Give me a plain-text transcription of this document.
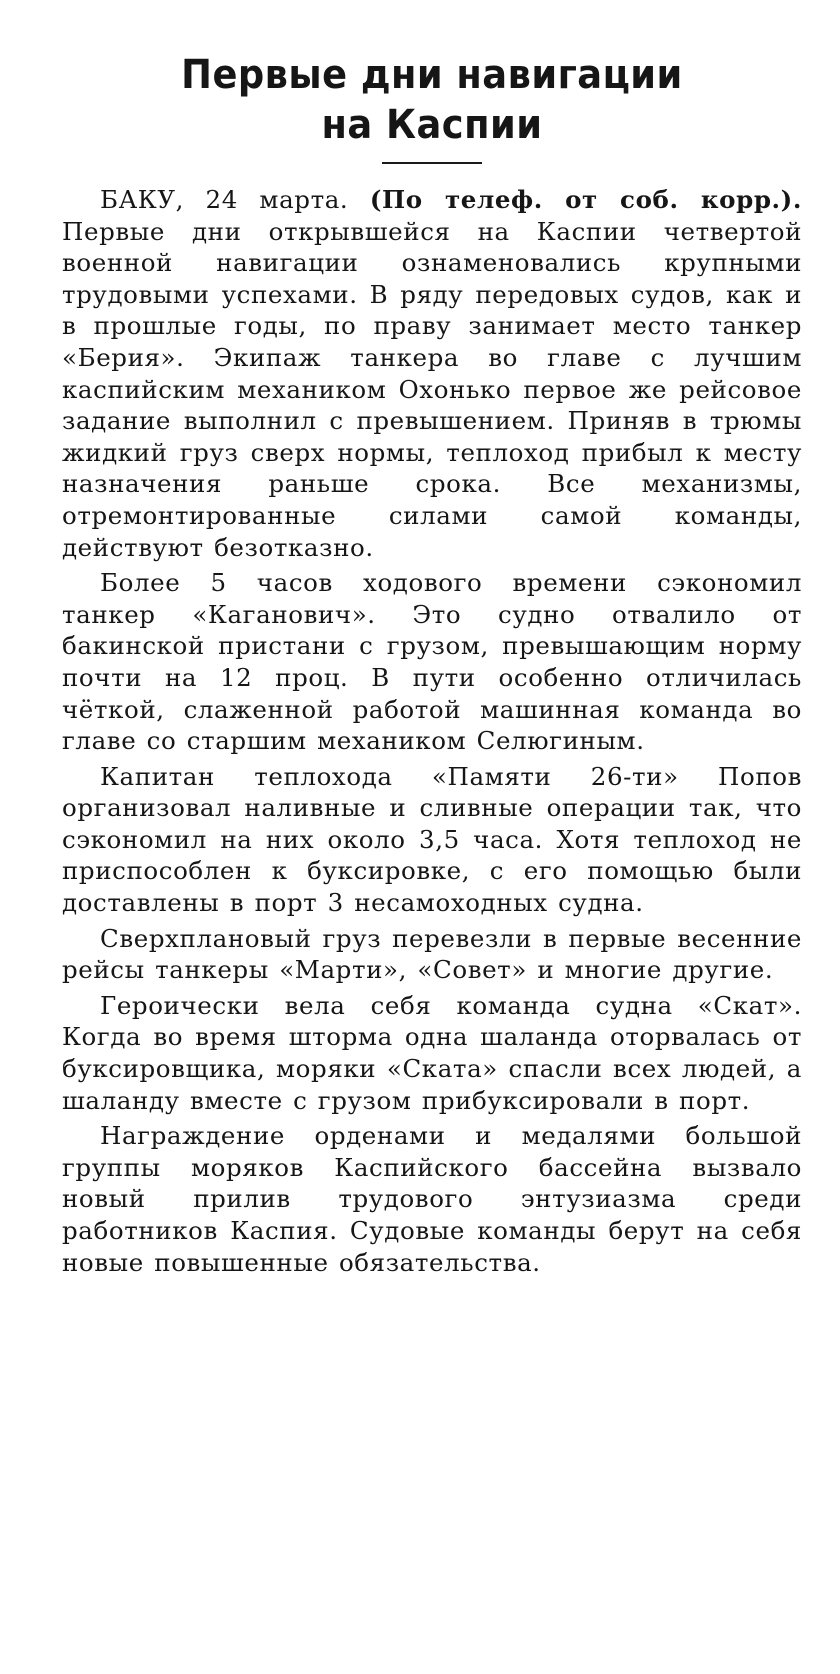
Первые дни навигации
на Каспии

БАКУ, 24 марта. (По телеф. от соб. корр.). Первые дни открывшейся на Каспии четвертой военной навигации ознаменовались крупными трудовыми успехами. В ряду передовых судов, как и в прошлые годы, по праву занимает место танкер «Берия». Экипаж танкера во главе с лучшим каспийским механиком Охонько первое же рейсовое задание выполнил с превышением. Приняв в трюмы жидкий груз сверх нормы, теплоход прибыл к месту назначения раньше срока. Все механизмы, отремонтированные силами самой команды, действуют безотказно.

Более 5 часов ходового времени сэкономил танкер «Каганович». Это судно отвалило от бакинской пристани с грузом, превышающим норму почти на 12 проц. В пути особенно отличилась чёткой, слаженной работой машинная команда во главе со старшим механиком Селюгиным.

Капитан теплохода «Памяти 26-ти» Попов организовал наливные и сливные операции так, что сэкономил на них около 3,5 часа. Хотя теплоход не приспособлен к буксировке, с его помощью были доставлены в порт 3 несамоходных судна.

Сверхплановый груз перевезли в первые весенние рейсы танкеры «Марти», «Совет» и многие другие.

Героически вела себя команда судна «Скат». Когда во время шторма одна шаланда оторвалась от буксировщика, моряки «Ската» спасли всех людей, а шаланду вместе с грузом прибуксировали в порт.

Награждение орденами и медалями большой группы моряков Каспийского бассейна вызвало новый прилив трудового энтузиазма среди работников Каспия. Судовые команды берут на себя новые повышенные обязательства.
